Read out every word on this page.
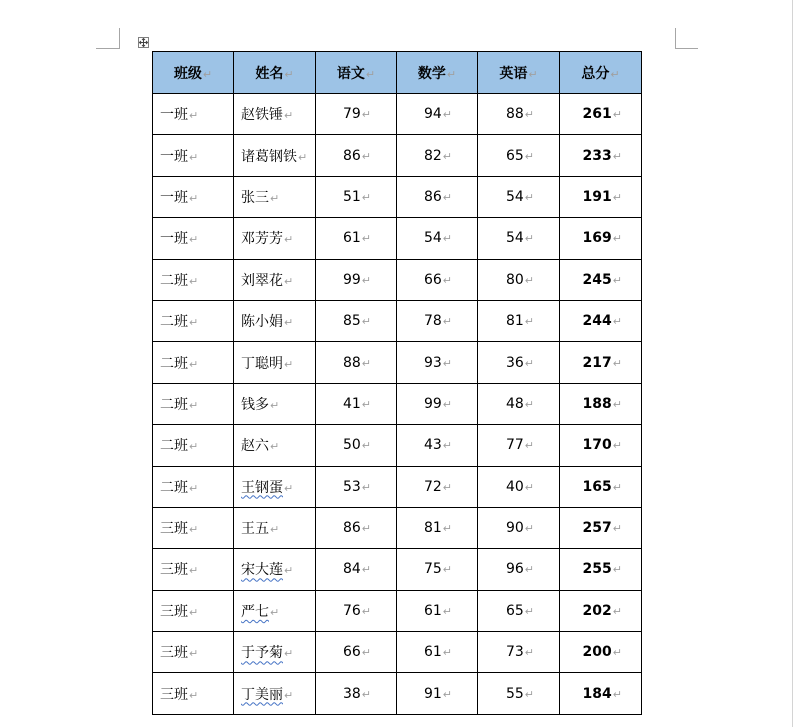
班级↵	姓名↵	语文↵	数学↵	英语↵	总分↵
一班↵	赵铁锤↵	79↵	94↵	88↵	261↵
一班↵	诸葛钢铁↵	86↵	82↵	65↵	233↵
一班↵	张三↵	51↵	86↵	54↵	191↵
一班↵	邓芳芳↵	61↵	54↵	54↵	169↵
二班↵	刘翠花↵	99↵	66↵	80↵	245↵
二班↵	陈小娟↵	85↵	78↵	81↵	244↵
二班↵	丁聪明↵	88↵	93↵	36↵	217↵
二班↵	钱多↵	41↵	99↵	48↵	188↵
二班↵	赵六↵	50↵	43↵	77↵	170↵
二班↵	王钢蛋↵	53↵	72↵	40↵	165↵
三班↵	王五↵	86↵	81↵	90↵	257↵
三班↵	宋大莲↵	84↵	75↵	96↵	255↵
三班↵	严七↵	76↵	61↵	65↵	202↵
三班↵	于予菊↵	66↵	61↵	73↵	200↵
三班↵	丁美丽↵	38↵	91↵	55↵	184↵
